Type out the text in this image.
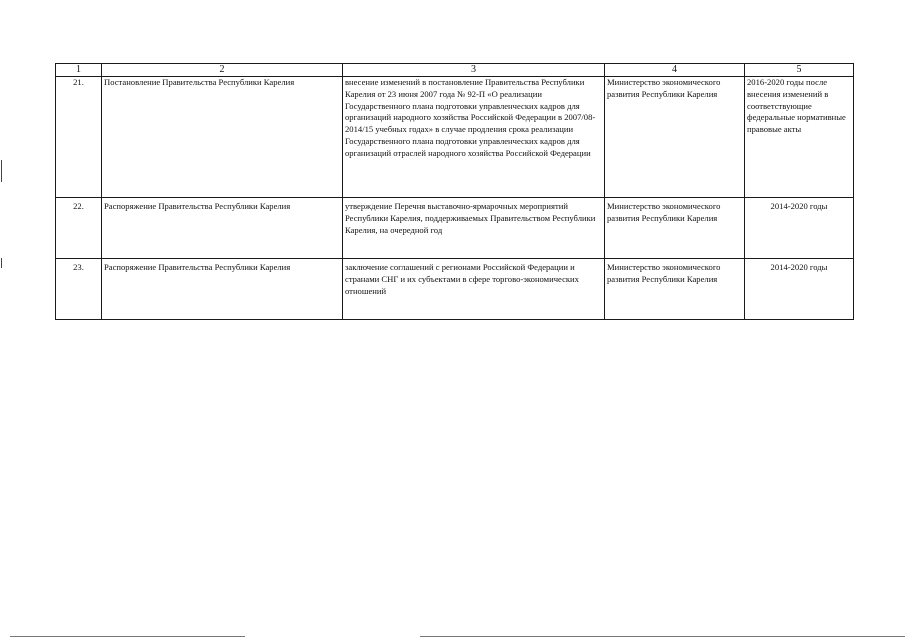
1	2	3	4	5
21.	Постановление Правительства Республики Карелия	внесение изменений в постановление Правительства Республики Карелия от 23 июня 2007 года № 92-П «О реализации Государственного плана подготовки управленческих кадров для организаций народного хозяйства Российской Федерации в 2007/08-2014/15 учебных годах» в случае продления срока реализации Государственного плана подготовки управленческих кадров для организаций отраслей народного хозяйства Российской Федерации	Министерство экономического развития Республики Карелия	2016-2020 годы после внесения изменений в соответствующие федеральные нормативные правовые акты
22.	Распоряжение Правительства Республики Карелия	утверждение Перечня выставочно-ярмарочных мероприятий Республики Карелия, поддерживаемых Правительством Республики Карелия, на очередной год	Министерство экономического развития Республики Карелия	2014-2020 годы
23.	Распоряжение Правительства Республики Карелия	заключение соглашений с регионами Российской Федерации и странами СНГ и их субъектами в сфере торгово-экономических отношений	Министерство экономического развития Республики Карелия	2014-2020 годы
